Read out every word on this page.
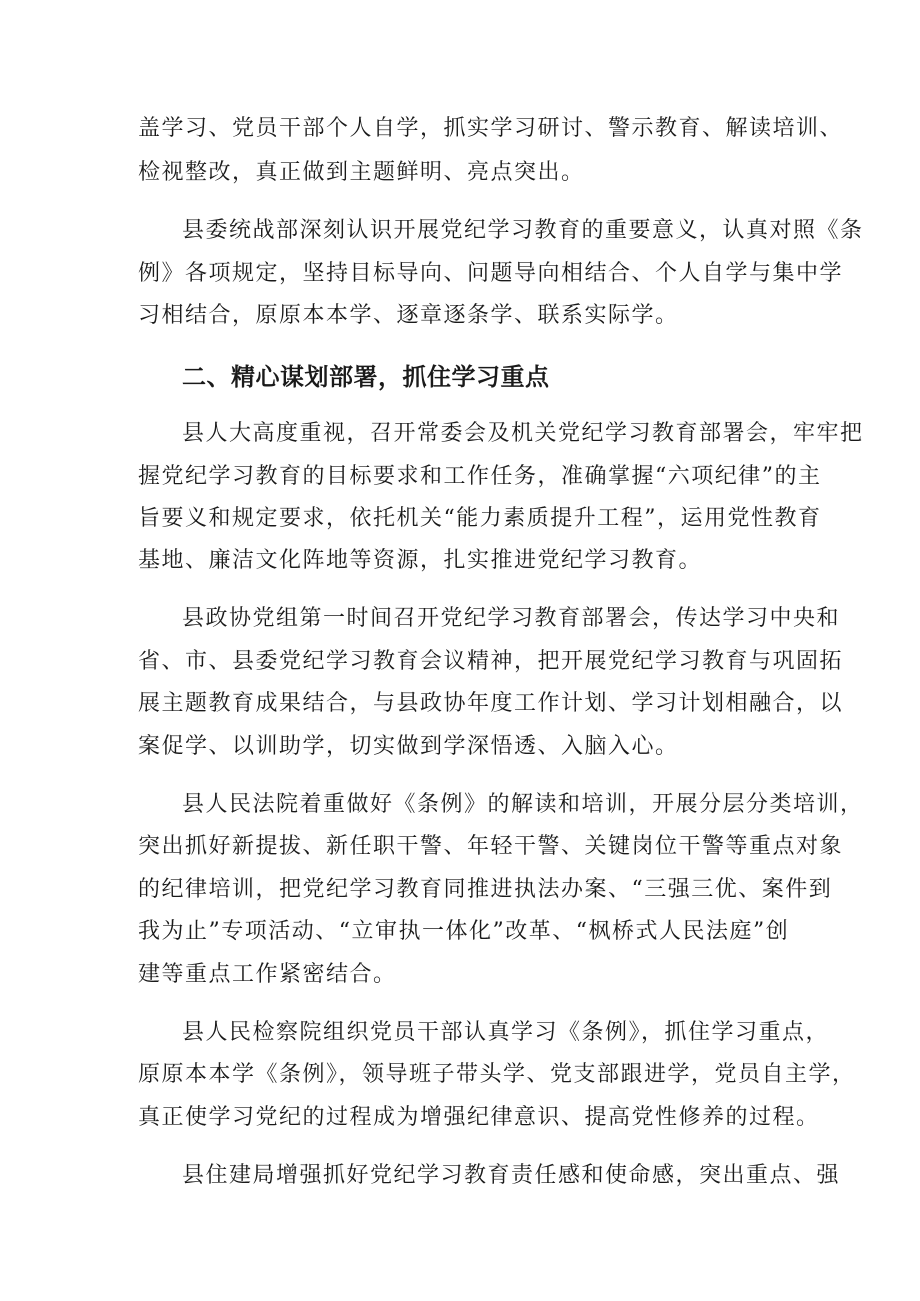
盖学习、党员干部个人自学，抓实学习研讨、警示教育、解读培训、
检视整改，真正做到主题鲜明、亮点突出。
县委统战部深刻认识开展党纪学习教育的重要意义，认真对照《条
例》各项规定，坚持目标导向、问题导向相结合、个人自学与集中学
习相结合，原原本本学、逐章逐条学、联系实际学。
二、精心谋划部署，抓住学习重点
县人大高度重视，召开常委会及机关党纪学习教育部署会，牢牢把
握党纪学习教育的目标要求和工作任务，准确掌握“六项纪律”的主
旨要义和规定要求，依托机关“能力素质提升工程”，运用党性教育
基地、廉洁文化阵地等资源，扎实推进党纪学习教育。
县政协党组第一时间召开党纪学习教育部署会，传达学习中央和
省、市、县委党纪学习教育会议精神，把开展党纪学习教育与巩固拓
展主题教育成果结合，与县政协年度工作计划、学习计划相融合，以
案促学、以训助学，切实做到学深悟透、入脑入心。
县人民法院着重做好《条例》的解读和培训，开展分层分类培训，
突出抓好新提拔、新任职干警、年轻干警、关键岗位干警等重点对象
的纪律培训，把党纪学习教育同推进执法办案、“三强三优、案件到
我为止”专项活动、“立审执一体化”改革、“枫桥式人民法庭”创
建等重点工作紧密结合。
县人民检察院组织党员干部认真学习《条例》，抓住学习重点，
原原本本学《条例》，领导班子带头学、党支部跟进学，党员自主学，
真正使学习党纪的过程成为增强纪律意识、提高党性修养的过程。
县住建局增强抓好党纪学习教育责任感和使命感，突出重点、强
